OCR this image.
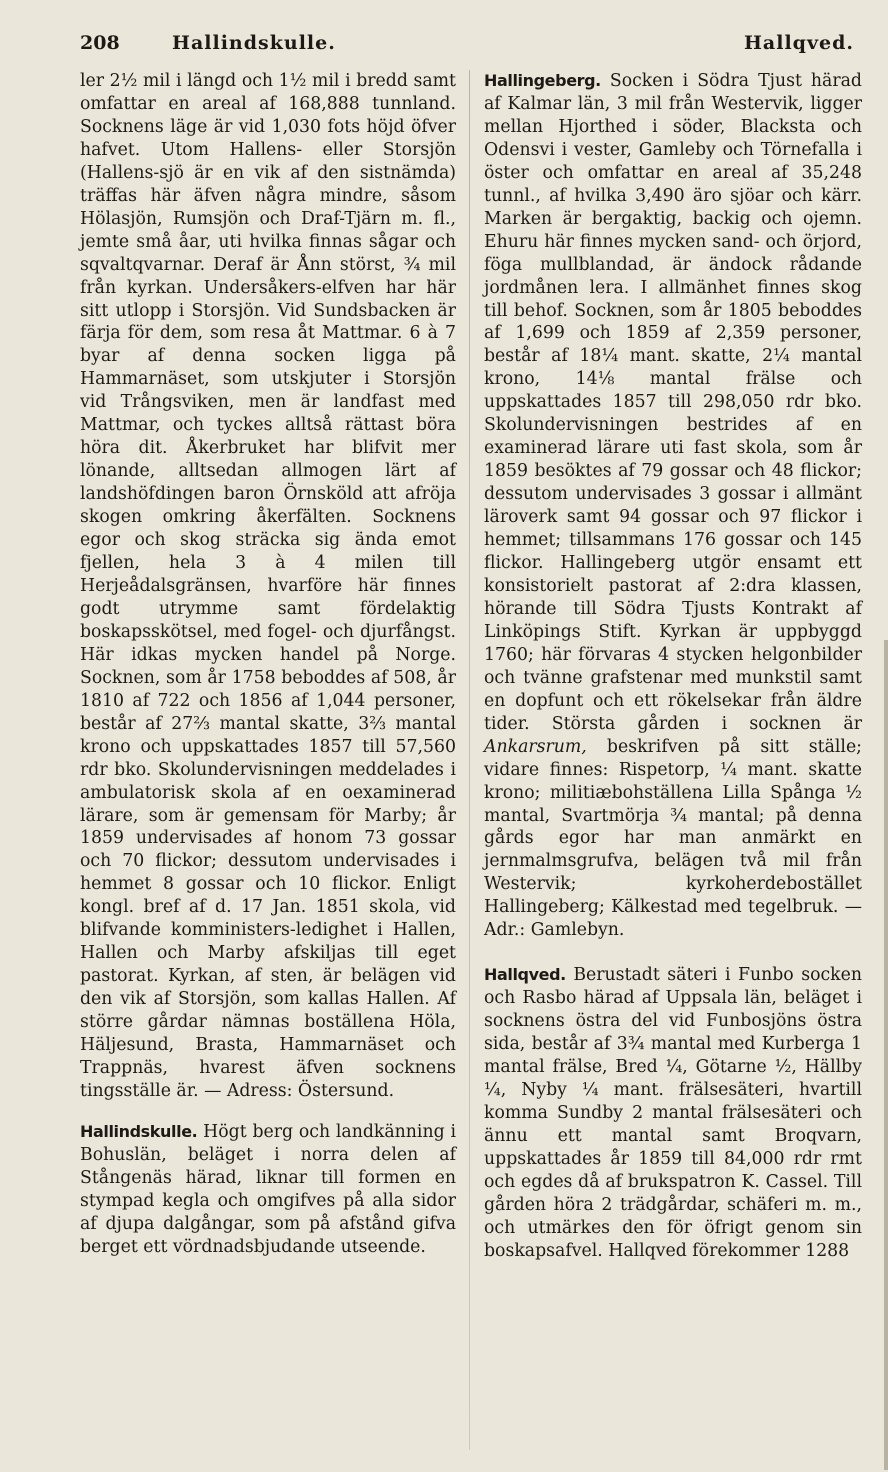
208	Hallindskulle.	Hallqved.

ler 2½ mil i längd och 1½ mil i bredd samt omfattar en areal af 168,888 tunnland. Socknens läge är vid 1,030 fots höjd öfver hafvet. Utom Hallens- eller Storsjön (Hallens-sjö är en vik af den sistnämda) träffas här äfven några mindre, såsom Hölasjön, Rumsjön och Draf-Tjärn m. fl., jemte små åar, uti hvilka finnas sågar och sqvaltqvarnar. Deraf är Ånn störst, ¾ mil från kyrkan. Undersåkers-elfven har här sitt utlopp i Storsjön. Vid Sundsbacken är färja för dem, som resa åt Mattmar. 6 à 7 byar af denna socken ligga på Hammarnäset, som utskjuter i Storsjön vid Trångsviken, men är landfast med Mattmar, och tyckes alltså rättast böra höra dit. Åkerbruket har blifvit mer lönande, alltsedan allmogen lärt af landshöfdingen baron Örnsköld att afröja skogen omkring åkerfälten. Socknens egor och skog sträcka sig ända emot fjellen, hela 3 à 4 milen till Herjeådalsgränsen, hvarföre här finnes godt utrymme samt fördelaktig boskapsskötsel, med fogel- och djurfångst. Här idkas mycken handel på Norge. Socknen, som år 1758 beboddes af 508, år 1810 af 722 och 1856 af 1,044 personer, består af 27⅔ mantal skatte, 3⅔ mantal krono och uppskattades 1857 till 57,560 rdr bko. Skolundervisningen meddelades i ambulatorisk skola af en oexaminerad lärare, som är gemensam för Marby; år 1859 undervisades af honom 73 gossar och 70 flickor; dessutom undervisades i hemmet 8 gossar och 10 flickor. Enligt kongl. bref af d. 17 Jan. 1851 skola, vid blifvande komministers-ledighet i Hallen, Hallen och Marby afskiljas till eget pastorat. Kyrkan, af sten, är belägen vid den vik af Storsjön, som kallas Hallen. Af större gårdar nämnas boställena Höla, Häljesund, Brasta, Hammarnäset och Trappnäs, hvarest äfven socknens tingsställe är. — Adress: Östersund.

Hallindskulle. Högt berg och landkänning i Bohuslän, beläget i norra delen af Stångenäs härad, liknar till formen en stympad kegla och omgifves på alla sidor af djupa dalgångar, som på afstånd gifva berget ett vördnadsbjudande utseende.

Hallingeberg. Socken i Södra Tjust härad af Kalmar län, 3 mil från Westervik, ligger mellan Hjorthed i söder, Blacksta och Odensvi i vester, Gamleby och Törnefalla i öster och omfattar en areal af 35,248 tunnl., af hvilka 3,490 äro sjöar och kärr. Marken är bergaktig, backig och ojemn. Ehuru här finnes mycken sand- och örjord, föga mullblandad, är ändock rådande jordmånen lera. I allmänhet finnes skog till behof. Socknen, som år 1805 beboddes af 1,699 och 1859 af 2,359 personer, består af 18¼ mant. skatte, 2¼ mantal krono, 14⅛ mantal frälse och uppskattades 1857 till 298,050 rdr bko. Skolundervisningen bestrides af en examinerad lärare uti fast skola, som år 1859 besöktes af 79 gossar och 48 flickor; dessutom undervisades 3 gossar i allmänt läroverk samt 94 gossar och 97 flickor i hemmet; tillsammans 176 gossar och 145 flickor. Hallingeberg utgör ensamt ett konsistorielt pastorat af 2:dra klassen, hörande till Södra Tjusts Kontrakt af Linköpings Stift. Kyrkan är uppbyggd 1760; här förvaras 4 stycken helgonbilder och tvänne grafstenar med munkstil samt en dopfunt och ett rökelsekar från äldre tider. Största gården i socknen är Ankarsrum, beskrifven på sitt ställe; vidare finnes: Rispetorp, ¼ mant. skatte krono; militiæbohställena Lilla Spånga ½ mantal, Svartmörja ¾ mantal; på denna gårds egor har man anmärkt en jernmalmsgrufva, belägen två mil från Westervik; kyrkoherdebostället Hallingeberg; Kälkestad med tegelbruk. — Adr.: Gamlebyn.

Hallqved. Berustadt säteri i Funbo socken och Rasbo härad af Uppsala län, beläget i socknens östra del vid Funbosjöns östra sida, består af 3¾ mantal med Kurberga 1 mantal frälse, Bred ¼, Götarne ½, Hällby ¼, Nyby ¼ mant. frälsesäteri, hvartill komma Sundby 2 mantal frälsesäteri och ännu ett mantal samt Broqvarn, uppskattades år 1859 till 84,000 rdr rmt och egdes då af brukspatron K. Cassel. Till gården höra 2 trädgårdar, schäferi m. m., och utmärkes den för öfrigt genom sin boskapsafvel. Hallqved förekommer 1288
